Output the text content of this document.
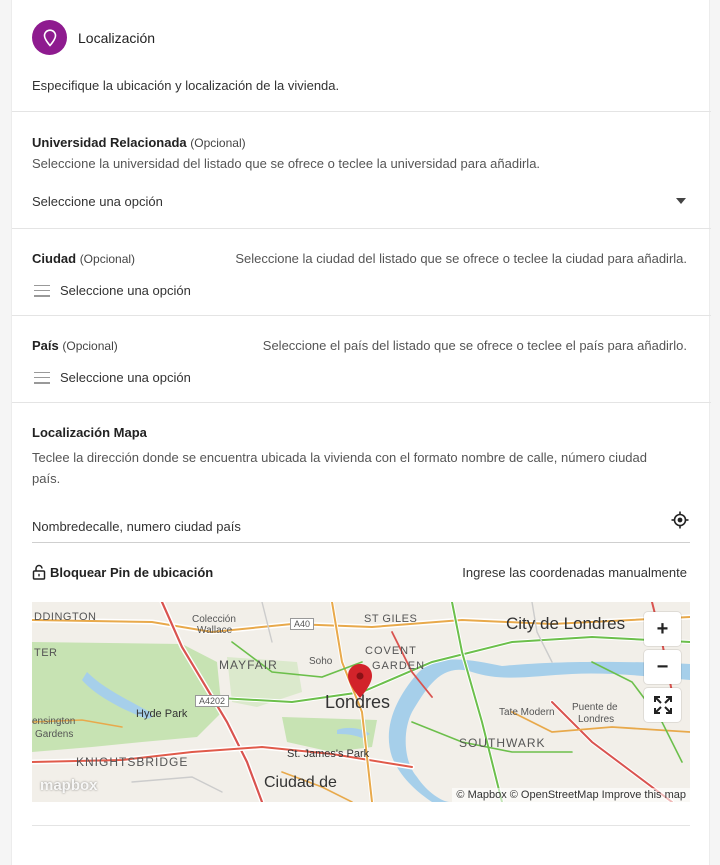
Localización
Especifique la ubicación y localización de la vivienda.
Universidad Relacionada (Opcional)
Seleccione la universidad del listado que se ofrece o teclee la universidad para añadirla.
Seleccione una opción
Ciudad (Opcional)	Seleccione la ciudad del listado que se ofrece o teclee la ciudad para añadirla.
Seleccione una opción
País (Opcional)	Seleccione el país del listado que se ofrece o teclee el país para añadirlo.
Seleccione una opción
Localización Mapa
Teclee la dirección donde se encuentra ubicada la vivienda con el formato nombre de calle, número ciudad país.
Nombredecalle, numero ciudad país
Bloquear Pin de ubicación	Ingrese las coordenadas manualmente
DDINGTON	Colección
Wallace
A40	ST GILES	City de Londres
TER	COVENT
GARDEN
MAYFAIR	Soho
Londres
Hyde Park
A4202
ensington
Gardens
Tate Modern Puente de
Londres
St. James's Park
SOUTHWARK
KNIGHTSBRIDGE
Ciudad de
+
−
mapbox
© Mapbox © OpenStreetMap Improve this map
